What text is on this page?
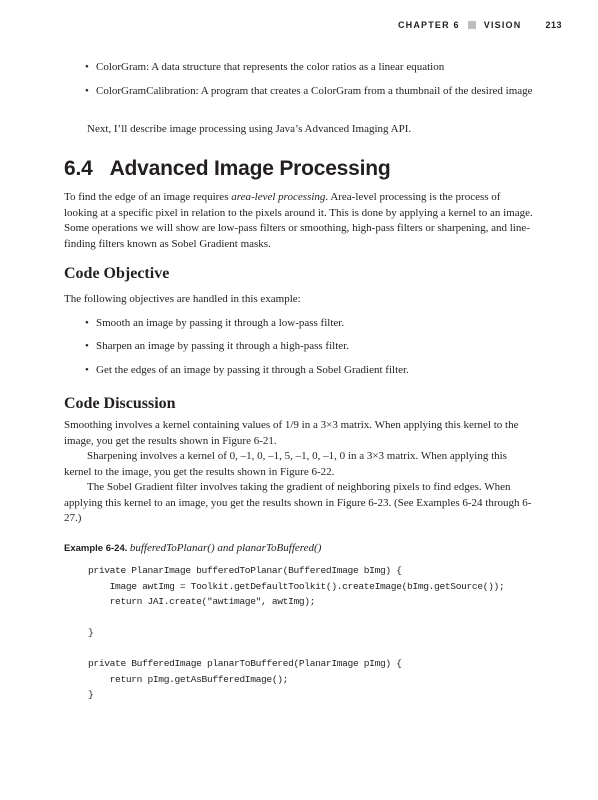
CHAPTER 6	VISION	213
• ColorGram: A data structure that represents the color ratios as a linear equation
• ColorGramCalibration: A program that creates a ColorGram from a thumbnail of the desired image

Next, I’ll describe image processing using Java’s Advanced Imaging API.

6.4 Advanced Image Processing

To find the edge of an image requires area-level processing. Area-level processing is the process of looking at a specific pixel in relation to the pixels around it. This is done by applying a kernel to an image. Some operations we will show are low-pass filters or smoothing, high-pass filters or sharpening, and line-finding filters known as Sobel Gradient masks.

Code Objective

The following objectives are handled in this example:

• Smooth an image by passing it through a low-pass filter.
• Sharpen an image by passing it through a high-pass filter.
• Get the edges of an image by passing it through a Sobel Gradient filter.
Code Discussion

Smoothing involves a kernel containing values of 1/9 in a 3×3 matrix. When applying this kernel to the image, you get the results shown in Figure 6-21.

Sharpening involves a kernel of 0, –1, 0, –1, 5, –1, 0, –1, 0 in a 3×3 matrix. When applying this kernel to the image, you get the results shown in Figure 6-22.

The Sobel Gradient filter involves taking the gradient of neighboring pixels to find edges. When applying this kernel to an image, you get the results shown in Figure 6-23. (See Examples 6-24 through 6-27.)

Example 6-24. bufferedToPlanar() and planarToBuffered()

private PlanarImage bufferedToPlanar(BufferedImage bImg) {
Image awtImg = Toolkit.getDefaultToolkit().createImage(bImg.getSource());
return JAI.create("awtimage", awtImg);

}

private BufferedImage planarToBuffered(PlanarImage pImg) {
return pImg.getAsBufferedImage();
}
